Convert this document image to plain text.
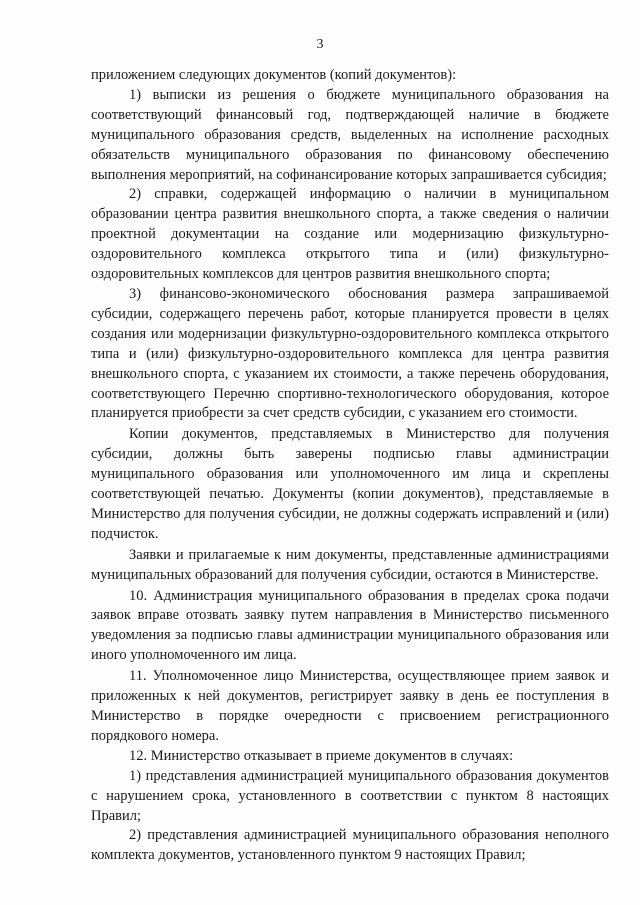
3

приложением следующих документов (копий документов):

1) выписки из решения о бюджете муниципального образования на соответствующий финансовый год, подтверждающей наличие в бюджете муниципального образования средств, выделенных на исполнение расходных обязательств муниципального образования по финансовому обеспечению выполнения мероприятий, на софинансирование которых запрашивается субсидия;

2) справки, содержащей информацию о наличии в муниципальном образовании центра развития внешкольного спорта, а также сведения о наличии проектной документации на создание или модернизацию физкультурно-оздоровительного комплекса открытого типа и (или) физкультурно-оздоровительных комплексов для центров развития внешкольного спорта;

3) финансово-экономического обоснования размера запрашиваемой субсидии, содержащего перечень работ, которые планируется провести в целях создания или модернизации физкультурно-оздоровительного комплекса открытого типа и (или) физкультурно-оздоровительного комплекса для центра развития внешкольного спорта, с указанием их стоимости, а также перечень оборудования, соответствующего Перечню спортивно-технологического оборудования, которое планируется приобрести за счет средств субсидии, с указанием его стоимости.

Копии документов, представляемых в Министерство для получения субсидии, должны быть заверены подписью главы администрации муниципального образования или уполномоченного им лица и скреплены соответствующей печатью. Документы (копии документов), представляемые в Министерство для получения субсидии, не должны содержать исправлений и (или) подчисток.

Заявки и прилагаемые к ним документы, представленные администрациями муниципальных образований для получения субсидии, остаются в Министерстве.

10. Администрация муниципального образования в пределах срока подачи заявок вправе отозвать заявку путем направления в Министерство письменного уведомления за подписью главы администрации муниципального образования или иного уполномоченного им лица.

11. Уполномоченное лицо Министерства, осуществляющее прием заявок и приложенных к ней документов, регистрирует заявку в день ее поступления в Министерство в порядке очередности с присвоением регистрационного порядкового номера.

12. Министерство отказывает в приеме документов в случаях:

1) представления администрацией муниципального образования документов с нарушением срока, установленного в соответствии с пунктом 8 настоящих Правил;

2) представления администрацией муниципального образования неполного комплекта документов, установленного пунктом 9 настоящих Правил;
